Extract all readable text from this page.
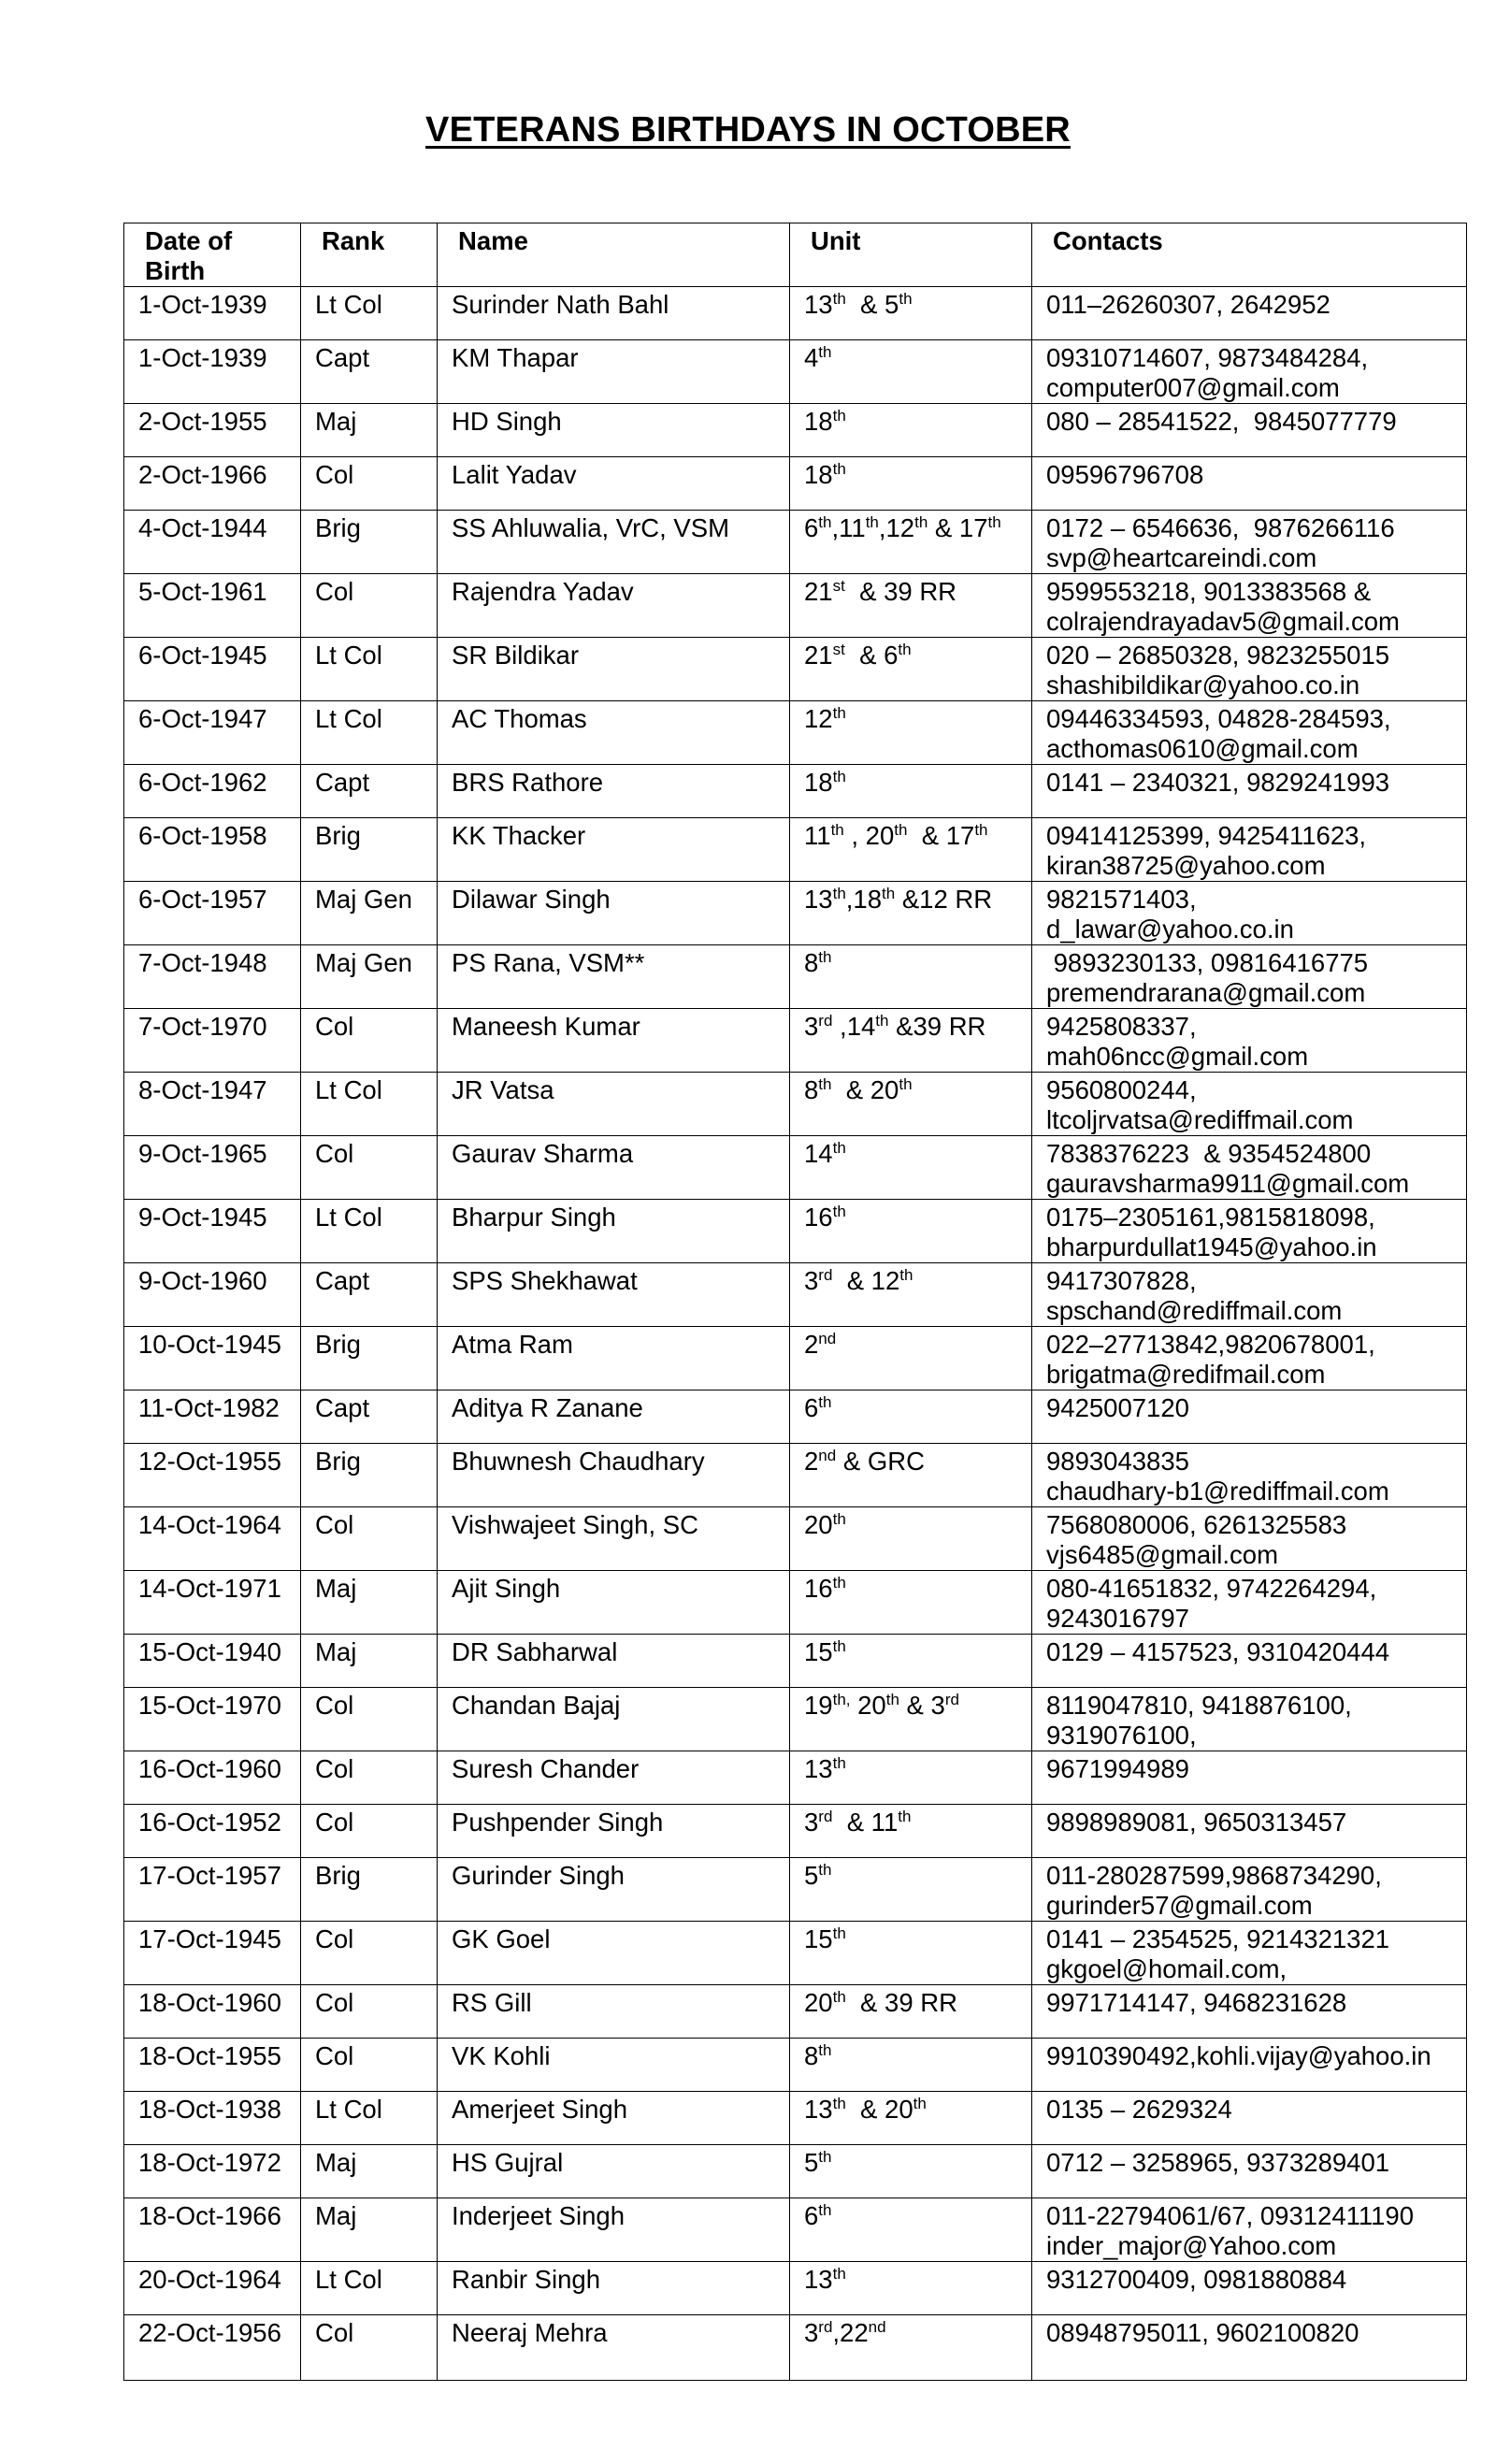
VETERANS BIRTHDAYS IN OCTOBER
Date of
Birth	Rank	Name	Unit	Contacts
1-Oct-1939	Lt Col	Surinder Nath Bahl	13th  & 5th	011–26260307, 2642952

1-Oct-1939	Capt	KM Thapar	4th	09310714607, 9873484284,
computer007@gmail.com

2-Oct-1955	Maj	HD Singh	18th	080 – 28541522,  9845077779

2-Oct-1966	Col	Lalit Yadav	18th	09596796708

4-Oct-1944	Brig	SS Ahluwalia, VrC, VSM	6th,11th,12th & 17th	0172 – 6546636,  9876266116
svp@heartcareindi.com

5-Oct-1961	Col	Rajendra Yadav	21st  & 39 RR	9599553218, 9013383568 &
colrajendrayadav5@gmail.com

6-Oct-1945	Lt Col	SR Bildikar	21st  & 6th	020 – 26850328, 9823255015
shashibildikar@yahoo.co.in

6-Oct-1947	Lt Col	AC Thomas	12th	09446334593, 04828-284593,
acthomas0610@gmail.com

6-Oct-1962	Capt	BRS Rathore	18th	0141 – 2340321, 9829241993

6-Oct-1958	Brig	KK Thacker	11th , 20th  & 17th	09414125399, 9425411623,
kiran38725@yahoo.com

6-Oct-1957	Maj Gen	Dilawar Singh	13th,18th &12 RR	9821571403,
d_lawar@yahoo.co.in

7-Oct-1948	Maj Gen	PS Rana, VSM**	8th	9893230133, 09816416775
premendrarana@gmail.com

7-Oct-1970	Col	Maneesh Kumar	3rd ,14th &39 RR	9425808337,
mah06ncc@gmail.com

8-Oct-1947	Lt Col	JR Vatsa	8th  & 20th	9560800244,
ltcoljrvatsa@rediffmail.com

9-Oct-1965	Col	Gaurav Sharma	14th	7838376223  & 9354524800
gauravsharma9911@gmail.com

9-Oct-1945	Lt Col	Bharpur Singh	16th	0175–2305161,9815818098,
bharpurdullat1945@yahoo.in

9-Oct-1960	Capt	SPS Shekhawat	3rd  & 12th	9417307828,
spschand@rediffmail.com

10-Oct-1945	Brig	Atma Ram	2nd	022–27713842,9820678001,
brigatma@redifmail.com

11-Oct-1982	Capt	Aditya R Zanane	6th	9425007120

12-Oct-1955	Brig	Bhuwnesh Chaudhary	2nd & GRC	9893043835
chaudhary-b1@rediffmail.com

14-Oct-1964	Col	Vishwajeet Singh, SC	20th	7568080006, 6261325583
vjs6485@gmail.com

14-Oct-1971	Maj	Ajit Singh	16th	080-41651832, 9742264294,
9243016797

15-Oct-1940	Maj	DR Sabharwal	15th	0129 – 4157523, 9310420444

15-Oct-1970	Col	Chandan Bajaj	$19^{th,}$ 20th & 3rd	8119047810, 9418876100,
9319076100,

16-Oct-1960	Col	Suresh Chander	13th	9671994989

16-Oct-1952	Col	Pushpender Singh	3rd  & 11th	9898989081, 9650313457

17-Oct-1957	Brig	Gurinder Singh	5th	011-280287599,9868734290,
gurinder57@gmail.com

17-Oct-1945	Col	GK Goel	15th	0141 – 2354525, 9214321321
gkgoel@homail.com,

18-Oct-1960	Col	RS Gill	20th  & 39 RR	9971714147, 9468231628

18-Oct-1955	Col	VK Kohli	8th	9910390492,kohli.vijay@yahoo.in

18-Oct-1938	Lt Col	Amerjeet Singh	13th  & 20th	0135 – 2629324

18-Oct-1972	Maj	HS Gujral	5th	0712 – 3258965, 9373289401

18-Oct-1966	Maj	Inderjeet Singh	6th	011-22794061/67, 09312411190
inder_major@Yahoo.com

20-Oct-1964	Lt Col	Ranbir Singh	13th	9312700409, 0981880884

22-Oct-1956	Col	Neeraj Mehra	3rd,22nd	08948795011, 9602100820
